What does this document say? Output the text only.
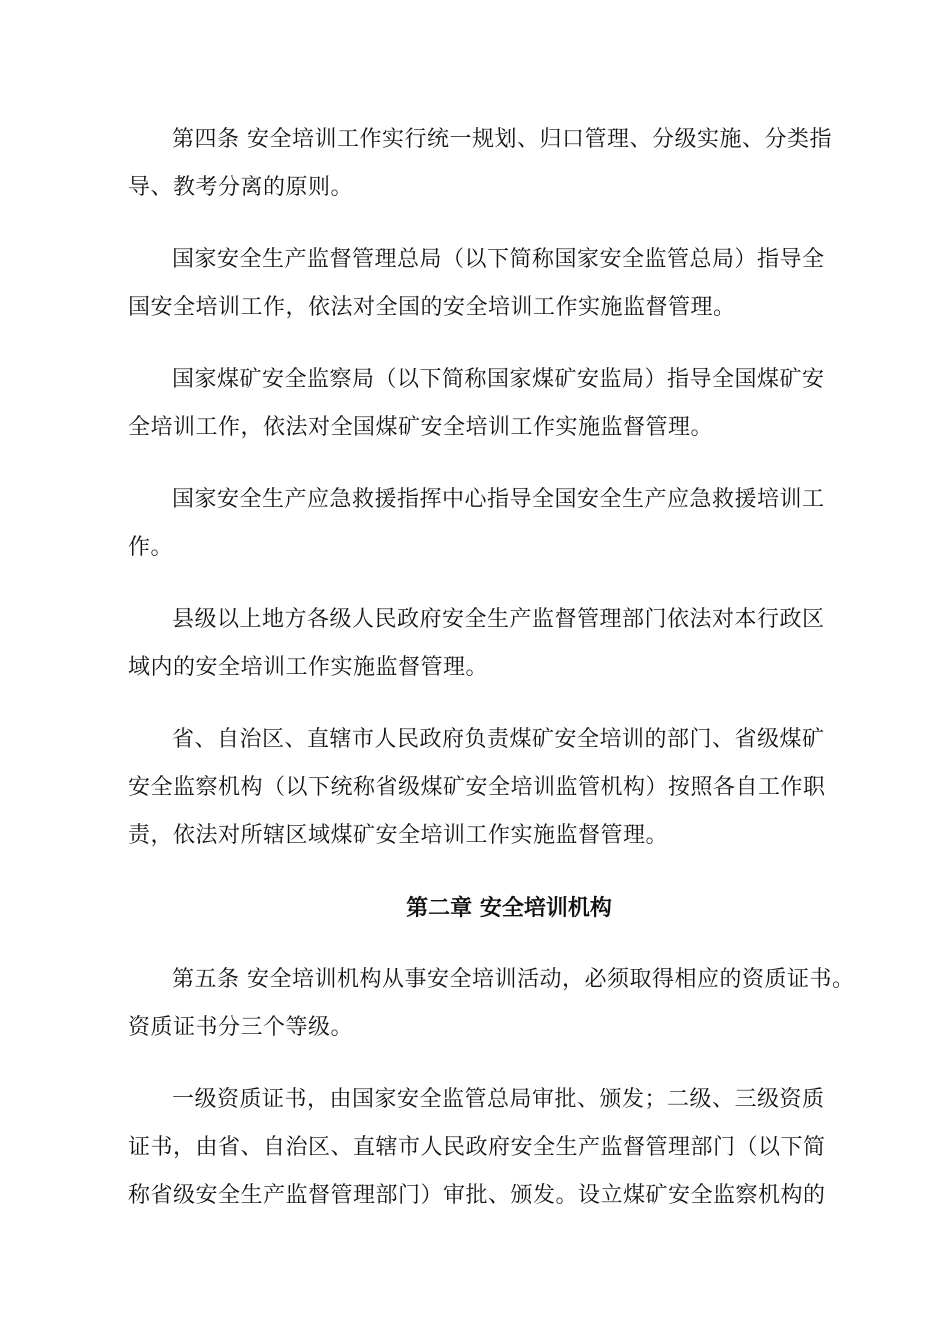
第四条 安全培训工作实行统一规划、归口管理、分级实施、分类指
导、教考分离的原则。
国家安全生产监督管理总局（以下简称国家安全监管总局）指导全
国安全培训工作，依法对全国的安全培训工作实施监督管理。
国家煤矿安全监察局（以下简称国家煤矿安监局）指导全国煤矿安
全培训工作，依法对全国煤矿安全培训工作实施监督管理。
国家安全生产应急救援指挥中心指导全国安全生产应急救援培训工
作。
县级以上地方各级人民政府安全生产监督管理部门依法对本行政区
域内的安全培训工作实施监督管理。
省、自治区、直辖市人民政府负责煤矿安全培训的部门、省级煤矿
安全监察机构（以下统称省级煤矿安全培训监管机构）按照各自工作职
责，依法对所辖区域煤矿安全培训工作实施监督管理。
第二章 安全培训机构
第五条 安全培训机构从事安全培训活动，必须取得相应的资质证书。
资质证书分三个等级。
一级资质证书，由国家安全监管总局审批、颁发；二级、三级资质
证书，由省、自治区、直辖市人民政府安全生产监督管理部门（以下简
称省级安全生产监督管理部门）审批、颁发。设立煤矿安全监察机构的
